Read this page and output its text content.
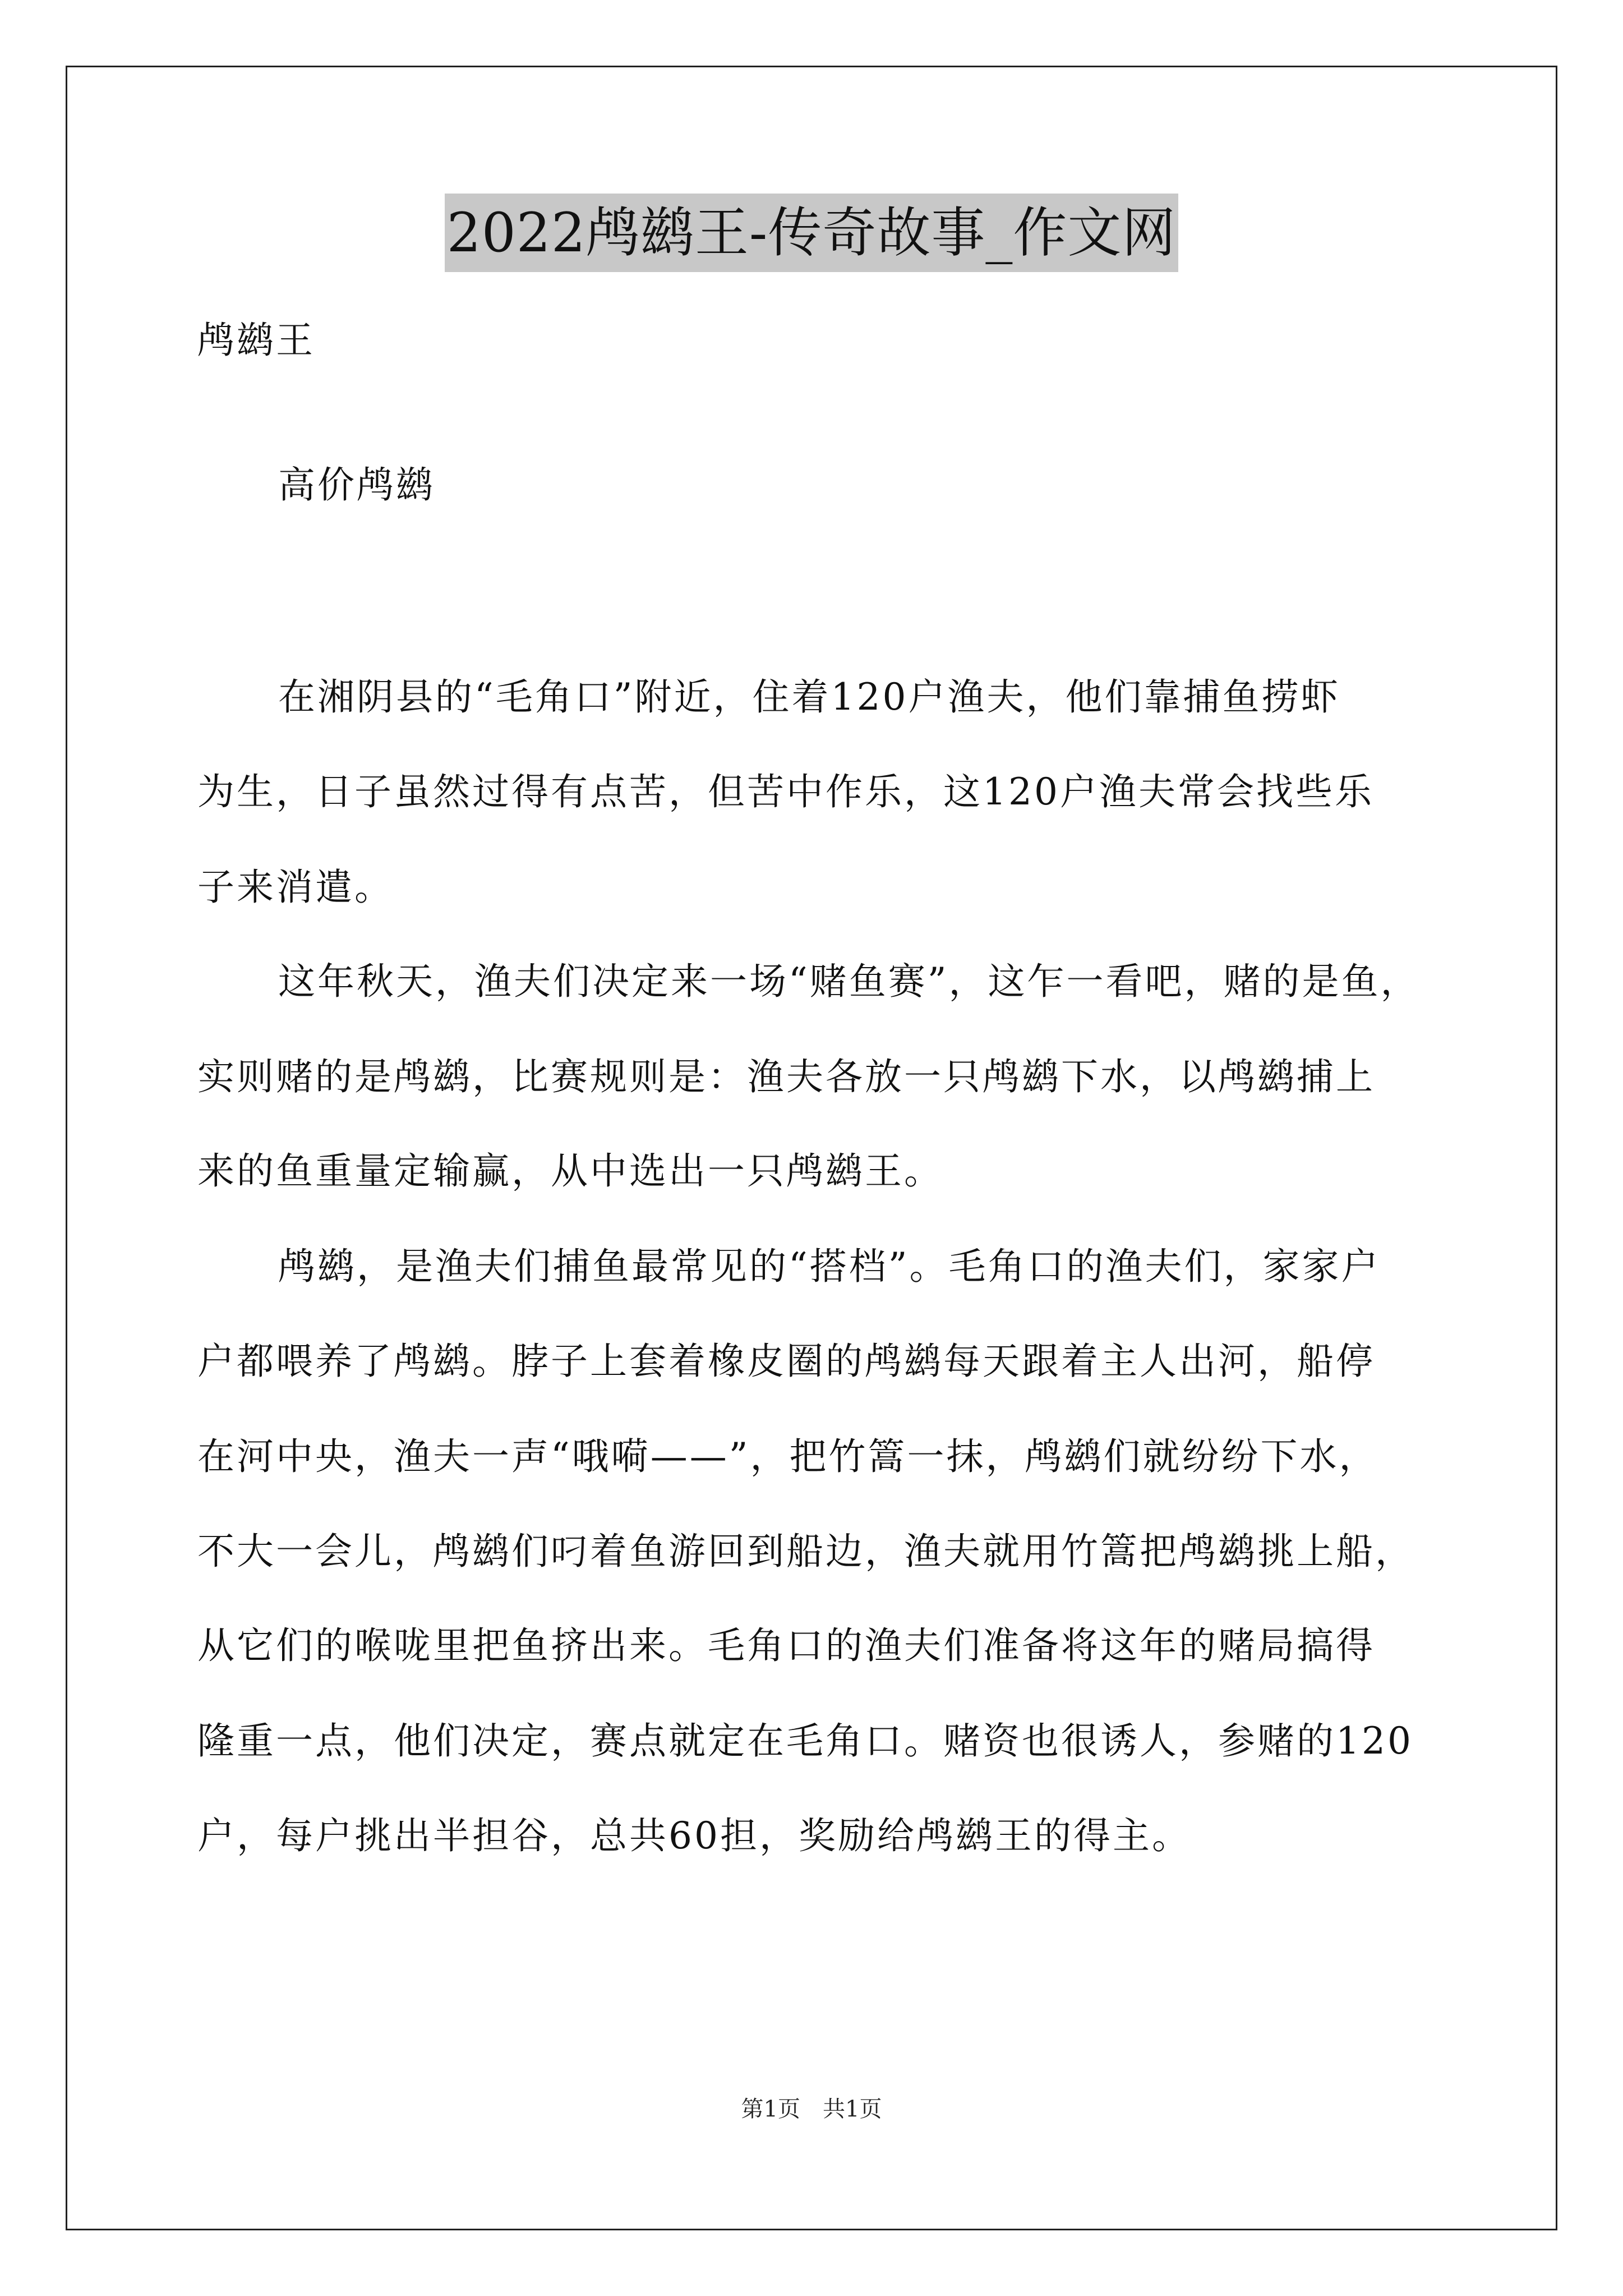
2022鸬鹚王-传奇故事_作文网
鸬鹚王
高价鸬鹚
在湘阴县的“毛角口”附近，住着120户渔夫，他们靠捕鱼捞虾
为生，日子虽然过得有点苦，但苦中作乐，这120户渔夫常会找些乐
子来消遣。
这年秋天，渔夫们决定来一场“赌鱼赛”，这乍一看吧，赌的是鱼，
实则赌的是鸬鹚，比赛规则是：渔夫各放一只鸬鹚下水，以鸬鹚捕上
来的鱼重量定输赢，从中选出一只鸬鹚王。
鸬鹚，是渔夫们捕鱼最常见的“搭档”。毛角口的渔夫们，家家户
户都喂养了鸬鹚。脖子上套着橡皮圈的鸬鹚每天跟着主人出河，船停
在河中央，渔夫一声“哦嗬——”，把竹篙一抹，鸬鹚们就纷纷下水，
不大一会儿，鸬鹚们叼着鱼游回到船边，渔夫就用竹篙把鸬鹚挑上船，
从它们的喉咙里把鱼挤出来。毛角口的渔夫们准备将这年的赌局搞得
隆重一点，他们决定，赛点就定在毛角口。赌资也很诱人，参赌的120
户，每户挑出半担谷，总共60担，奖励给鸬鹚王的得主。
第1页　共1页
